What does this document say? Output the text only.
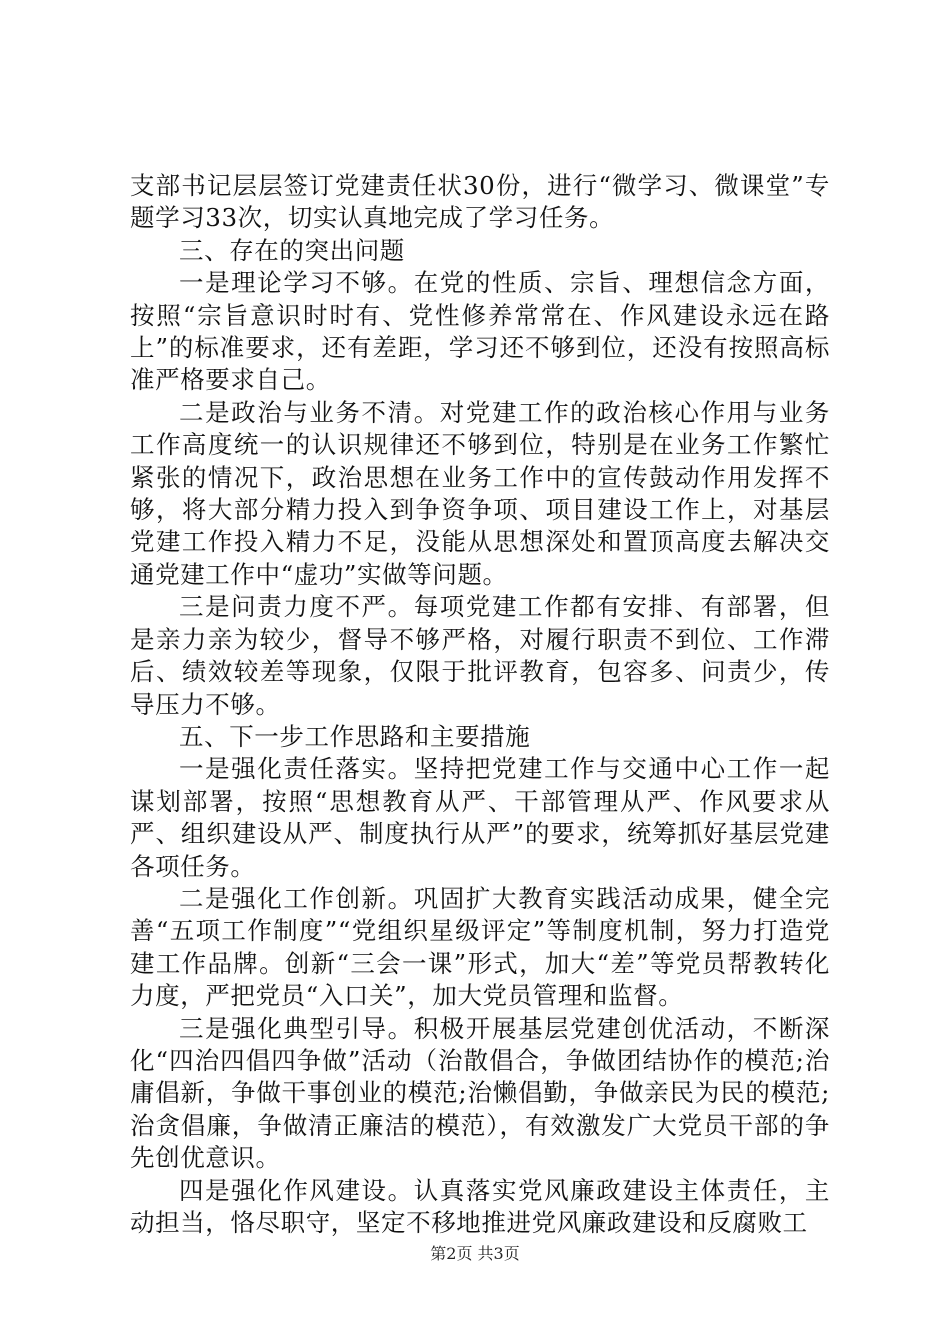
支部书记层层签订党建责任状30份，进行“微学习、微课堂”专题学习33次，切实认真地完成了学习任务。

三、存在的突出问题

一是理论学习不够。在党的性质、宗旨、理想信念方面，按照“宗旨意识时时有、党性修养常常在、作风建设永远在路上”的标准要求，还有差距，学习还不够到位，还没有按照高标准严格要求自己。

二是政治与业务不清。对党建工作的政治核心作用与业务工作高度统一的认识规律还不够到位，特别是在业务工作繁忙紧张的情况下，政治思想在业务工作中的宣传鼓动作用发挥不够，将大部分精力投入到争资争项、项目建设工作上，对基层党建工作投入精力不足，没能从思想深处和置顶高度去解决交通党建工作中“虚功”实做等问题。

三是问责力度不严。每项党建工作都有安排、有部署，但是亲力亲为较少，督导不够严格，对履行职责不到位、工作滞后、绩效较差等现象，仅限于批评教育，包容多、问责少，传导压力不够。

五、下一步工作思路和主要措施

一是强化责任落实。坚持把党建工作与交通中心工作一起谋划部署，按照“思想教育从严、干部管理从严、作风要求从严、组织建设从严、制度执行从严”的要求，统筹抓好基层党建各项任务。

二是强化工作创新。巩固扩大教育实践活动成果，健全完善“五项工作制度”“党组织星级评定”等制度机制，努力打造党建工作品牌。创新“三会一课”形式，加大“差”等党员帮教转化力度，严把党员“入口关”，加大党员管理和监督。

三是强化典型引导。积极开展基层党建创优活动，不断深化“四治四倡四争做”活动（治散倡合，争做团结协作的模范;治庸倡新，争做干事创业的模范;治懒倡勤，争做亲民为民的模范;治贪倡廉，争做清正廉洁的模范），有效激发广大党员干部的争先创优意识。

四是强化作风建设。认真落实党风廉政建设主体责任，主动担当，恪尽职守，坚定不移地推进党风廉政建设和反腐败工

第2页 共3页
